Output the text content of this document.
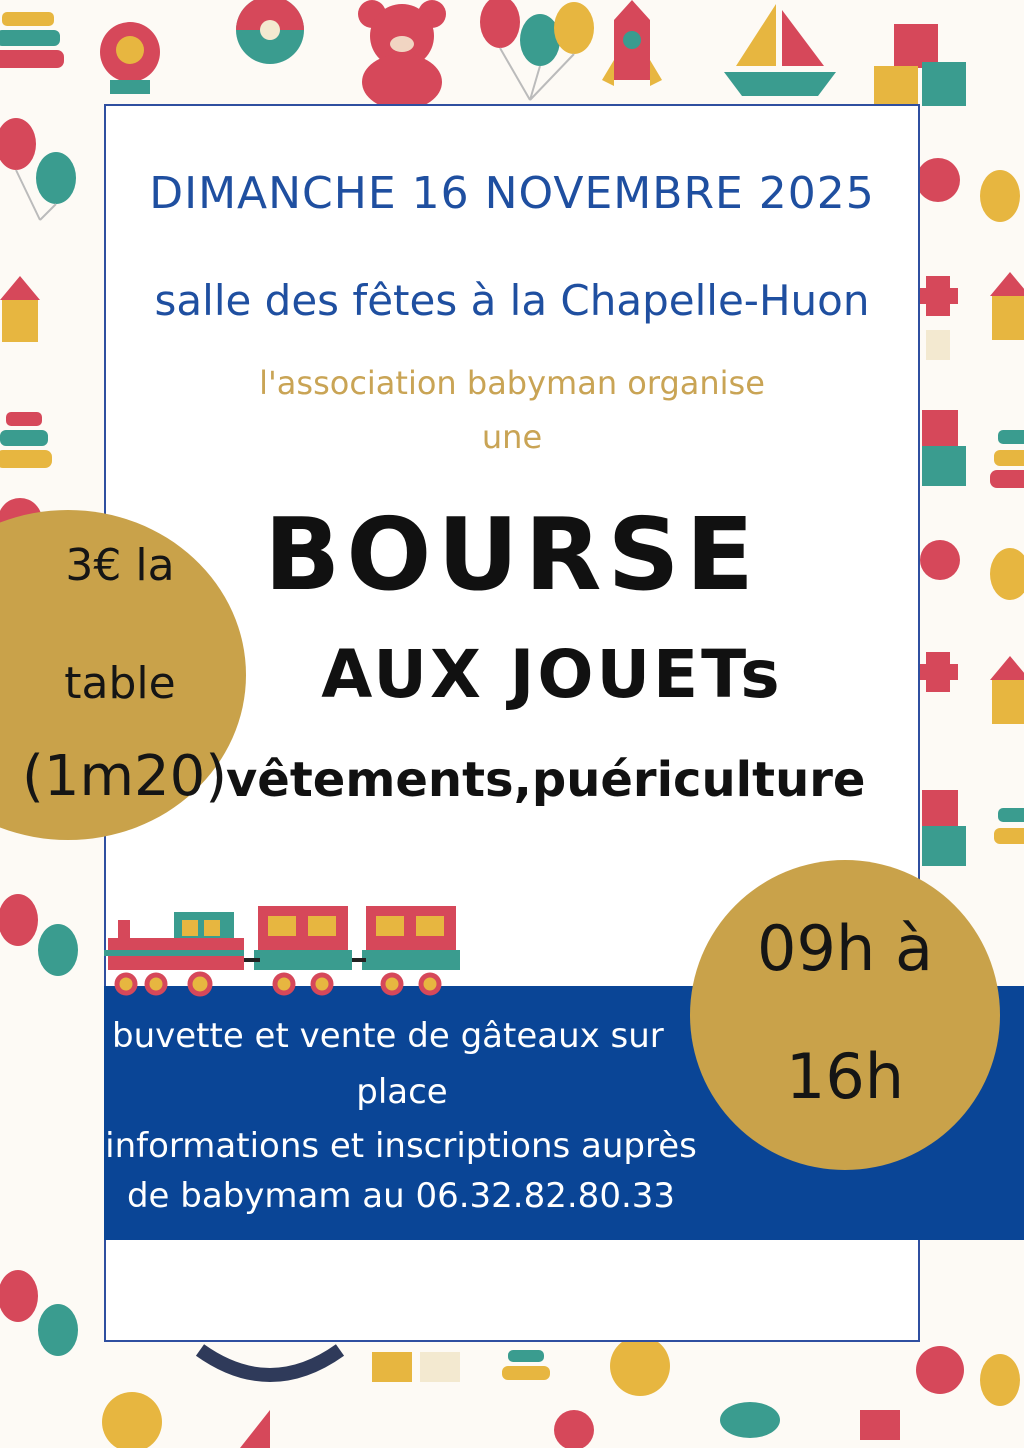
DIMANCHE 16 NOVEMBRE 2025
salle des fêtes à la Chapelle-Huon
l'association babyman organise
une
BOURSE
AUX JOUETs
buvette et vente de gâteaux sur
place
informations et inscriptions auprès
de babymam au 06.32.82.80.33
3€ la
table
(1m20)
vêtements,puériculture
09h à
16h
